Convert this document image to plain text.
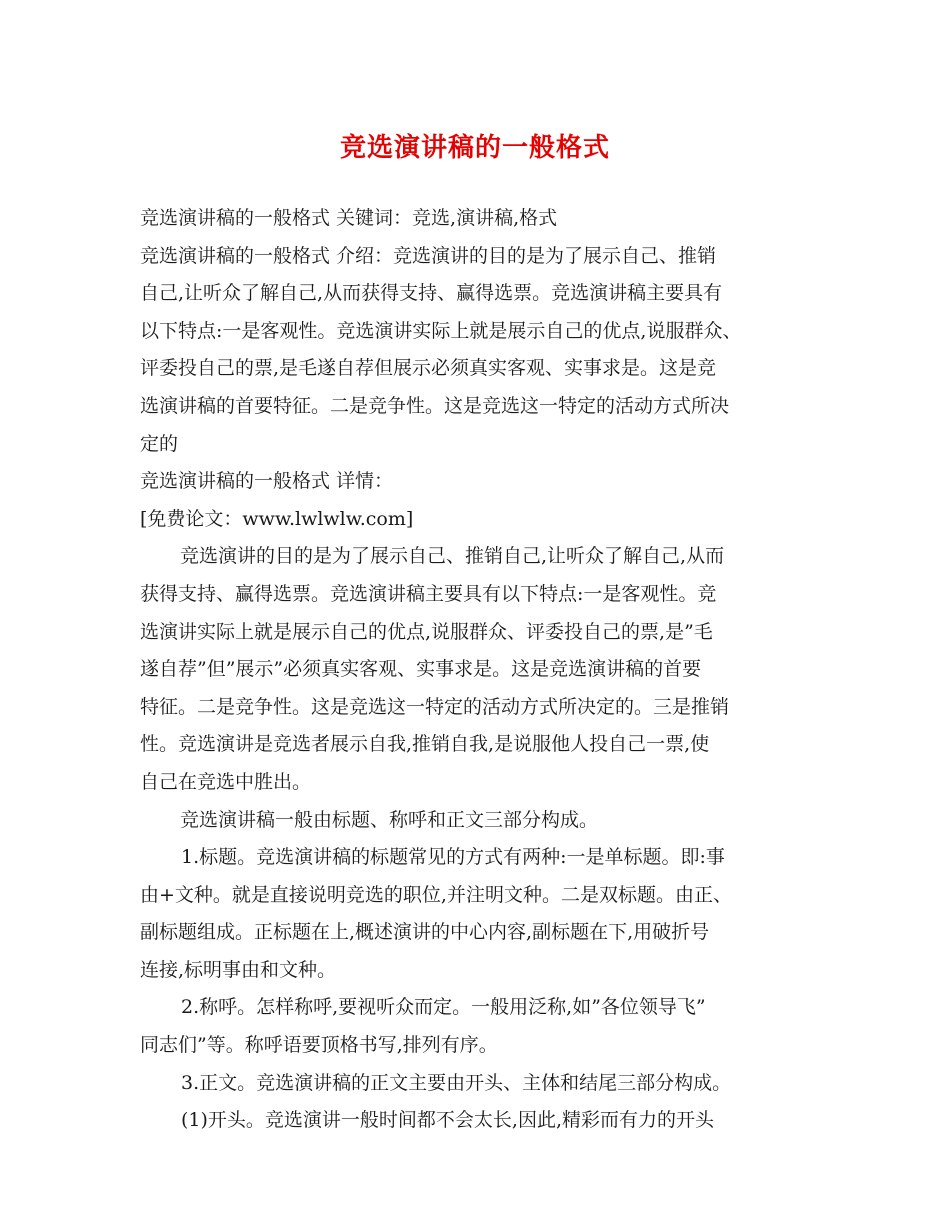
竞选演讲稿的一般格式
竞选演讲稿的一般格式 关键词：竞选,演讲稿,格式
竞选演讲稿的一般格式 介绍：竞选演讲的目的是为了展示自己、推销
自己,让听众了解自己,从而获得支持、赢得选票。竞选演讲稿主要具有
以下特点:一是客观性。竞选演讲实际上就是展示自己的优点,说服群众、
评委投自己的票,是毛遂自荐但展示必须真实客观、实事求是。这是竞
选演讲稿的首要特征。二是竞争性。这是竞选这一特定的活动方式所决
定的
竞选演讲稿的一般格式 详情：
[免费论文：www.lwlwlw.com]
竞选演讲的目的是为了展示自己、推销自己,让听众了解自己,从而
获得支持、赢得选票。竞选演讲稿主要具有以下特点:一是客观性。竞
选演讲实际上就是展示自己的优点,说服群众、评委投自己的票,是”毛
遂自荐”但”展示”必须真实客观、实事求是。这是竞选演讲稿的首要
特征。二是竞争性。这是竞选这一特定的活动方式所决定的。三是推销
性。竞选演讲是竞选者展示自我,推销自我,是说服他人投自己一票,使
自己在竞选中胜出。
竞选演讲稿一般由标题、称呼和正文三部分构成。
1.标题。竞选演讲稿的标题常见的方式有两种:一是单标题。即:事
由+文种。就是直接说明竞选的职位,并注明文种。二是双标题。由正、
副标题组成。正标题在上,概述演讲的中心内容,副标题在下,用破折号
连接,标明事由和文种。
2.称呼。怎样称呼,要视听众而定。一般用泛称,如”各位领导飞”
同志们”等。称呼语要顶格书写,排列有序。
3.正文。竞选演讲稿的正文主要由开头、主体和结尾三部分构成。
(1)开头。竞选演讲一般时间都不会太长,因此,精彩而有力的开头
